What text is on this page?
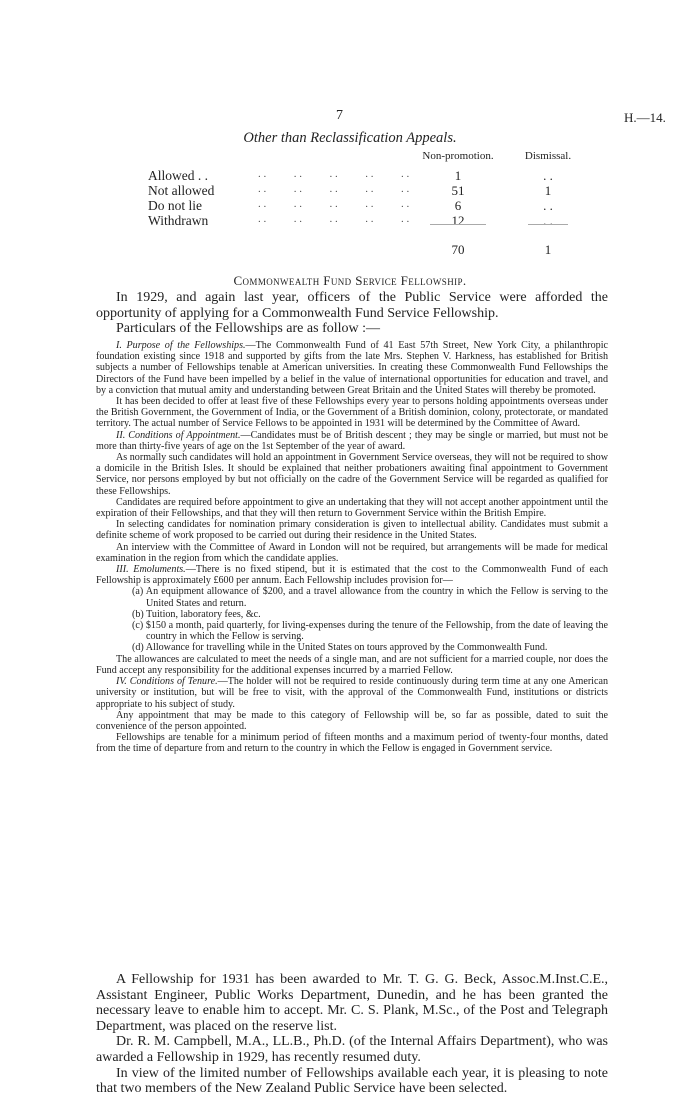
7	H.—14.
Other than Reclassification Appeals.
Non-promotion.	Dismissal.
Allowed . .	. .          . .          . .          . .          . .	1	. .
Not allowed	. .          . .          . .          . .          . .	51	1
Do not lie	. .          . .          . .          . .          . .	6	. .
Withdrawn	. .          . .          . .          . .          . .	12	. .
70	1
Commonwealth Fund Service Fellowship.

In 1929, and again last year, officers of the Public Service were afforded the opportunity of applying for a Commonwealth Fund Service Fellowship.

Particulars of the Fellowships are as follow :—

I. Purpose of the Fellowships.—The Commonwealth Fund of 41 East 57th Street, New York City, a philanthropic foundation existing since 1918 and supported by gifts from the late Mrs. Stephen V. Harkness, has established for British subjects a number of Fellowships tenable at American universities. In creating these Commonwealth Fund Fellowships the Directors of the Fund have been impelled by a belief in the value of international opportunities for education and travel, and by a conviction that mutual amity and understanding between Great Britain and the United States will thereby be promoted.

It has been decided to offer at least five of these Fellowships every year to persons holding appointments overseas under the British Government, the Government of India, or the Government of a British dominion, colony, protectorate, or mandated territory. The actual number of Service Fellows to be appointed in 1931 will be determined by the Committee of Award.

II. Conditions of Appointment.—Candidates must be of British descent ; they may be single or married, but must not be more than thirty-five years of age on the 1st September of the year of award.

As normally such candidates will hold an appointment in Government Service overseas, they will not be required to show a domicile in the British Isles. It should be explained that neither probationers awaiting final appointment to Government Service, nor persons employed by but not officially on the cadre of the Government Service will be regarded as qualified for these Fellowships.

Candidates are required before appointment to give an undertaking that they will not accept another appointment until the expiration of their Fellowships, and that they will then return to Government Service within the British Empire.

In selecting candidates for nomination primary consideration is given to intellectual ability. Candidates must submit a definite scheme of work proposed to be carried out during their residence in the United States.

An interview with the Committee of Award in London will not be required, but arrangements will be made for medical examination in the region from which the candidate applies.

III. Emoluments.—There is no fixed stipend, but it is estimated that the cost to the Commonwealth Fund of each Fellowship is approximately £600 per annum. Each Fellowship includes provision for—

(a) An equipment allowance of $200, and a travel allowance from the country in which the Fellow is serving to the United States and return.

(b) Tuition, laboratory fees, &c.

(c) $150 a month, paid quarterly, for living-expenses during the tenure of the Fellowship, from the date of leaving the country in which the Fellow is serving.

(d) Allowance for travelling while in the United States on tours approved by the Commonwealth Fund.

The allowances are calculated to meet the needs of a single man, and are not sufficient for a married couple, nor does the Fund accept any responsibility for the additional expenses incurred by a married Fellow.

IV. Conditions of Tenure.—The holder will not be required to reside continuously during term time at any one American university or institution, but will be free to visit, with the approval of the Commonwealth Fund, institutions or districts appropriate to his subject of study.

Any appointment that may be made to this category of Fellowship will be, so far as possible, dated to suit the convenience of the person appointed.

Fellowships are tenable for a minimum period of fifteen months and a maximum period of twenty-four months, dated from the time of departure from and return to the country in which the Fellow is engaged in Government service.

A Fellowship for 1931 has been awarded to Mr. T. G. G. Beck, Assoc.M.Inst.C.E., Assistant Engineer, Public Works Department, Dunedin, and he has been granted the necessary leave to enable him to accept. Mr. C. S. Plank, M.Sc., of the Post and Telegraph Department, was placed on the reserve list.

Dr. R. M. Campbell, M.A., LL.B., Ph.D. (of the Internal Affairs Department), who was awarded a Fellowship in 1929, has recently resumed duty.

In view of the limited number of Fellowships available each year, it is pleasing to note that two members of the New Zealand Public Service have been selected.
